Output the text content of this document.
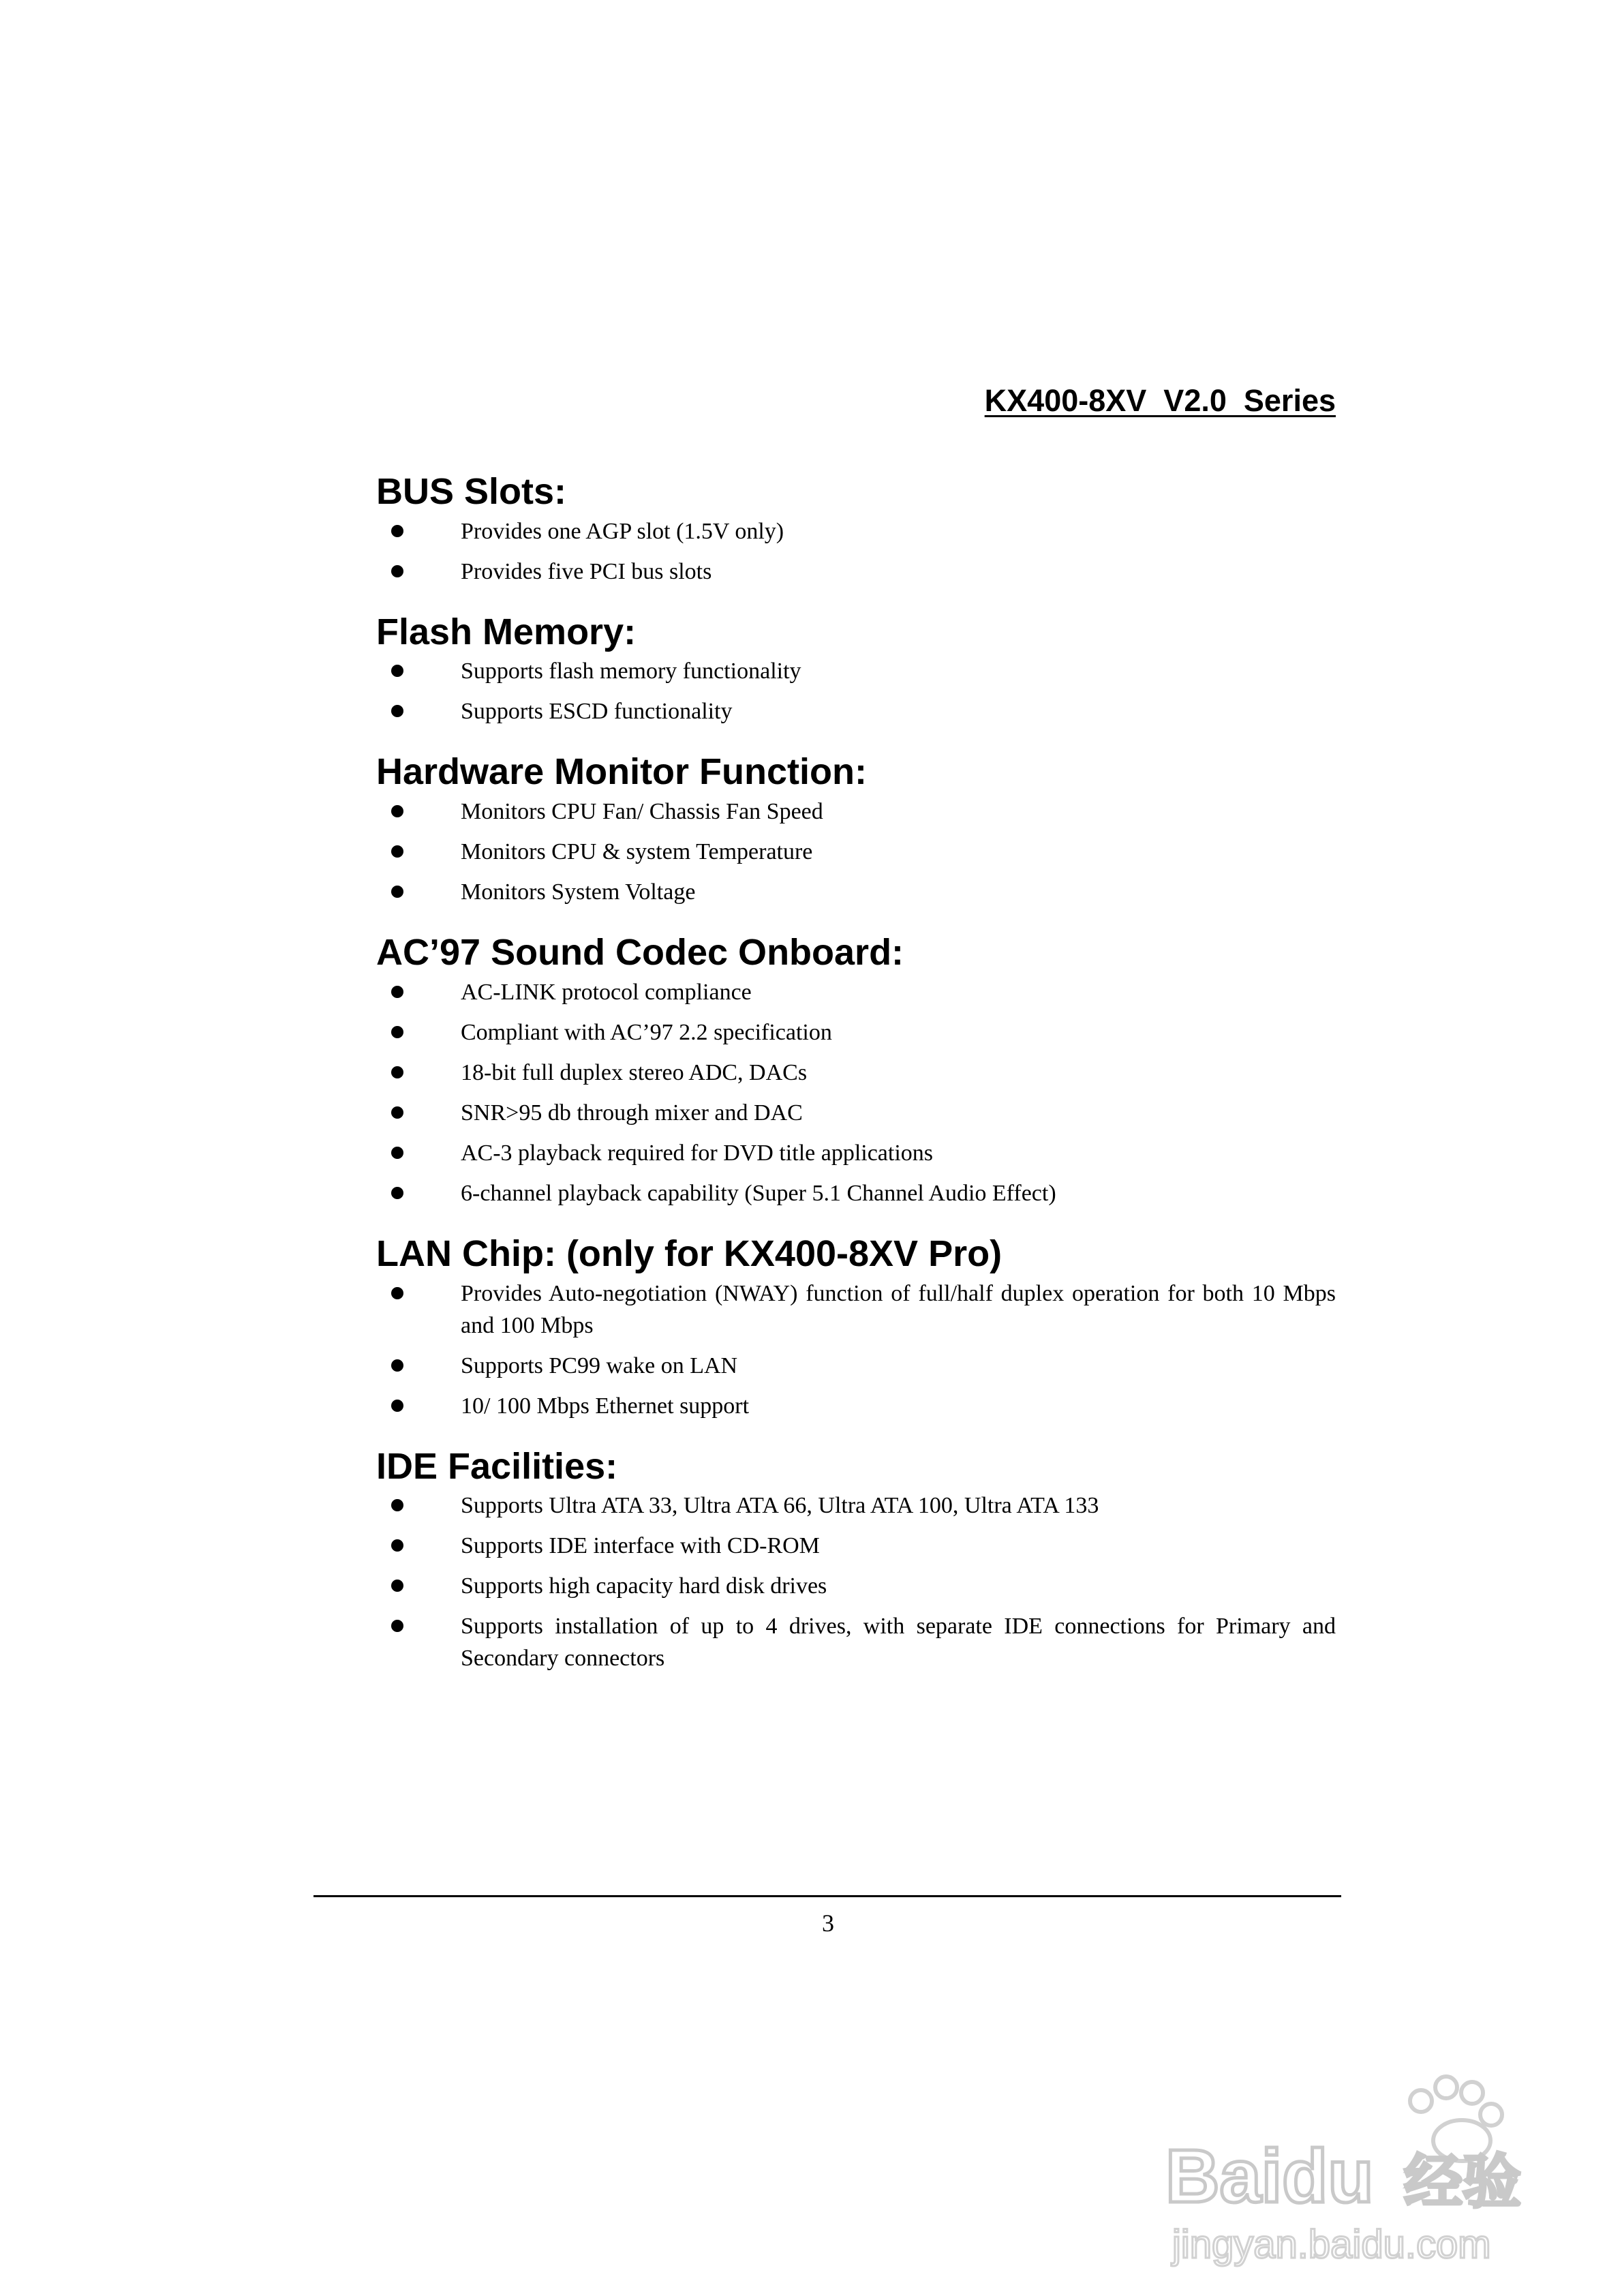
KX400-8XV  V2.0  Series

BUS Slots:
Provides one AGP slot (1.5V only)
Provides five PCI bus slots
Flash Memory:
Supports flash memory functionality
Supports ESCD functionality
Hardware Monitor Function:
Monitors CPU Fan/ Chassis Fan Speed
Monitors CPU & system Temperature
Monitors System Voltage
AC’97 Sound Codec Onboard:
AC-LINK protocol compliance
Compliant with AC’97 2.2 specification
18-bit full duplex stereo ADC, DACs
SNR>95 db through mixer and DAC
AC-3 playback required for DVD title applications
6-channel playback capability (Super 5.1 Channel Audio Effect)
LAN Chip: (only for KX400-8XV Pro)
Provides Auto-negotiation (NWAY) function of full/half duplex operation for both 10 Mbps and 100 Mbps
Supports PC99 wake on LAN
10/ 100 Mbps Ethernet support
IDE Facilities:
Supports Ultra ATA 33, Ultra ATA 66, Ultra ATA 100, Ultra ATA 133
Supports IDE interface with CD-ROM
Supports high capacity hard disk drives
Supports installation of up to 4 drives, with separate IDE connections for Primary and Secondary connectors
3
Baidu 经验
jingyan.baidu.com
